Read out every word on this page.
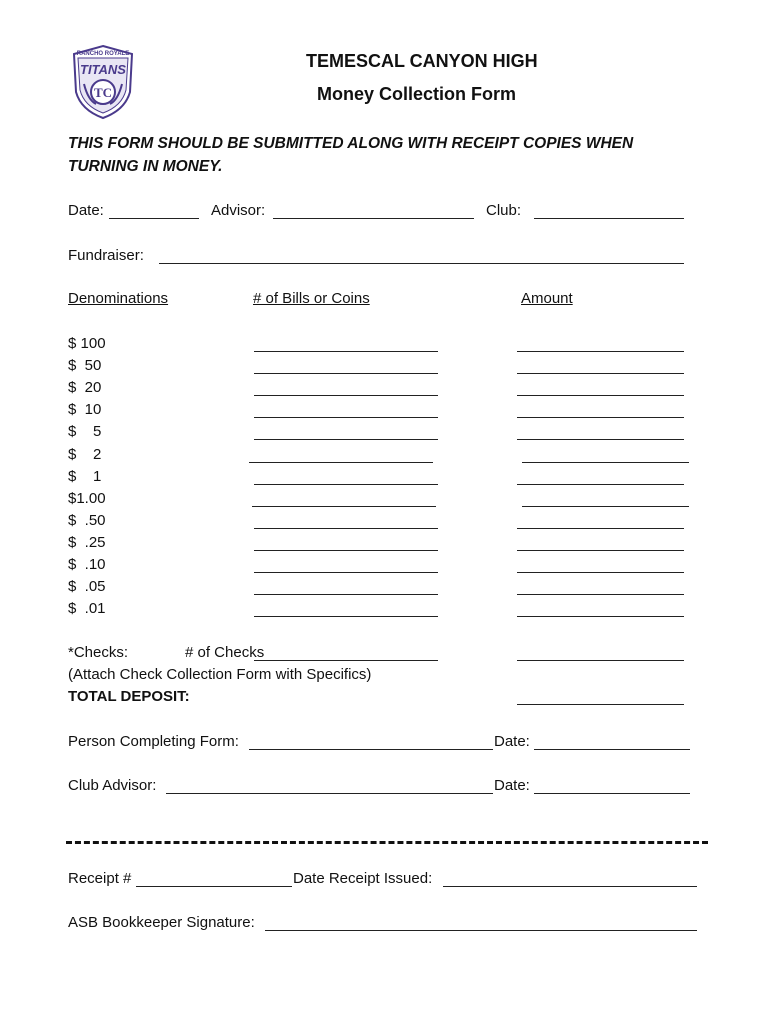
RANCHO ROYALE
TITANS
TC
TEMESCAL CANYON HIGH
Money Collection Form
THIS FORM SHOULD BE SUBMITTED ALONG WITH RECEIPT COPIES WHEN
TURNING IN MONEY.
Date:	Advisor:	Club:
Fundraiser:
Denominations	# of Bills or Coins	Amount
$ 100
$  50
$  20
$  10
$    5
$    2
$    1
$1.00
$  .50
$  .25
$  .10
$  .05
$  .01
*Checks:	# of Checks
(Attach Check Collection Form with Specifics)
TOTAL DEPOSIT:
Person Completing Form:	Date:
Club Advisor:	Date:
Receipt #	Date Receipt Issued:
ASB Bookkeeper Signature:
